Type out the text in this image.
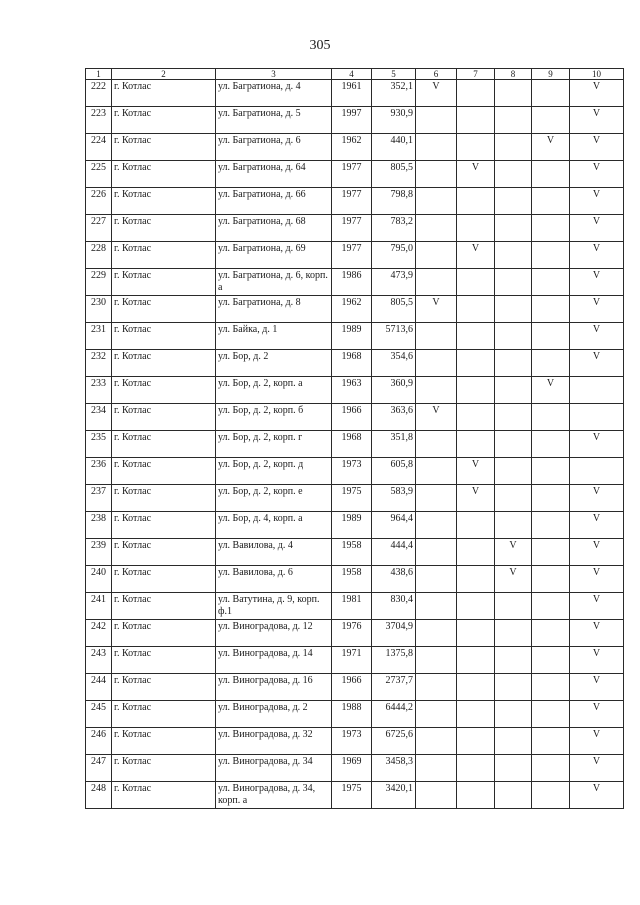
305
1	2	3	4	5	6	7	8	9	10
222	г. Котлас	ул. Багратиона, д. 4	1961	352,1	V				V
223	г. Котлас	ул. Багратиона, д. 5	1997	930,9					V
224	г. Котлас	ул. Багратиона, д. 6	1962	440,1				V	V
225	г. Котлас	ул. Багратиона, д. 64	1977	805,5		V			V
226	г. Котлас	ул. Багратиона, д. 66	1977	798,8					V
227	г. Котлас	ул. Багратиона, д. 68	1977	783,2					V
228	г. Котлас	ул. Багратиона, д. 69	1977	795,0		V			V
229	г. Котлас	ул. Багратиона, д. 6, корп. а	1986	473,9					V
230	г. Котлас	ул. Багратиона, д. 8	1962	805,5	V				V
231	г. Котлас	ул. Байка, д. 1	1989	5713,6					V
232	г. Котлас	ул. Бор, д. 2	1968	354,6					V
233	г. Котлас	ул. Бор, д. 2, корп. а	1963	360,9				V	
234	г. Котлас	ул. Бор, д. 2, корп. б	1966	363,6	V				
235	г. Котлас	ул. Бор, д. 2, корп. г	1968	351,8					V
236	г. Котлас	ул. Бор, д. 2, корп. д	1973	605,8		V			
237	г. Котлас	ул. Бор, д. 2, корп. е	1975	583,9		V			V
238	г. Котлас	ул. Бор, д. 4, корп. а	1989	964,4					V
239	г. Котлас	ул. Вавилова, д. 4	1958	444,4			V		V
240	г. Котлас	ул. Вавилова, д. 6	1958	438,6			V		V
241	г. Котлас	ул. Ватутина, д. 9, корп. ф.1	1981	830,4					V
242	г. Котлас	ул. Виноградова, д. 12	1976	3704,9					V
243	г. Котлас	ул. Виноградова, д. 14	1971	1375,8					V
244	г. Котлас	ул. Виноградова, д. 16	1966	2737,7					V
245	г. Котлас	ул. Виноградова, д. 2	1988	6444,2					V
246	г. Котлас	ул. Виноградова, д. 32	1973	6725,6					V
247	г. Котлас	ул. Виноградова, д. 34	1969	3458,3					V
248	г. Котлас	ул. Виноградова, д. 34, корп. а	1975	3420,1					V
